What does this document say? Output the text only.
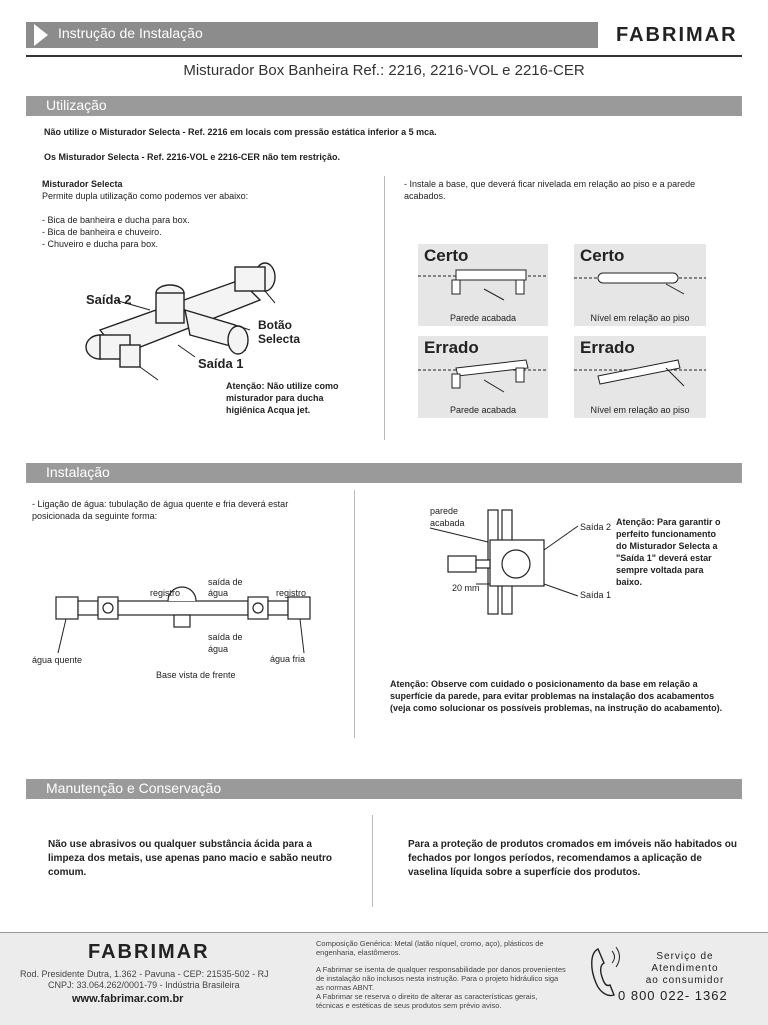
Instrução de Instalação	FABRIMAR
Misturador Box Banheira Ref.: 2216, 2216-VOL e 2216-CER
Utilização
Não utilize o Misturador Selecta - Ref. 2216 em locais com pressão estática inferior a 5 mca.
Os Misturador Selecta - Ref. 2216-VOL e 2216-CER não tem restrição.
Misturador Selecta
Permite dupla utilização como podemos ver abaixo:
- Bica de banheira e ducha para box.
- Bica de banheira e chuveiro.
- Chuveiro e ducha para box.
Saída 2
Saída 1
Botão
Selecta
Atenção: Não utilize como misturador para ducha higiênica Acqua jet.
- Instale a base, que deverá ficar nivelada em relação ao piso e a parede acabados.
Certo
Parede acabada
Certo
Nível em relação ao piso
Errado
Parede acabada
Errado
Nível em relação ao piso
Instalação
- Ligação de água: tubulação de água quente e fria deverá estar posicionada da seguinte forma:
registro	registro
saída de
água
saída de
água
água quente	água fria
Base vista de frente
parede
acabada	Saída 2
Saída 1
20 mm
Atenção: Para garantir o perfeito funcionamento do Misturador Selecta a "Saída 1" deverá estar sempre voltada para baixo.
Atenção: Observe com cuidado o posicionamento da base em relação a superfície da parede, para evitar problemas na instalação dos acabamentos (veja como solucionar os possíveis problemas, na instrução do acabamento).
Manutenção e Conservação
Não use abrasivos ou qualquer substância ácida para a limpeza dos metais, use apenas pano macio e sabão neutro comum.
Para a proteção de produtos cromados em imóveis não habitados ou fechados por longos períodos, recomendamos a aplicação de vaselina líquida sobre a superfície dos produtos.
FABRIMAR
Rod. Presidente Dutra, 1.362 - Pavuna - CEP: 21535-502 - RJ
CNPJ: 33.064.262/0001-79 - Indústria Brasileira
www.fabrimar.com.br
Composição Genérica: Metal (latão níquel, cromo, aço), plásticos de engenharia, elastômeros.
A Fabrimar se isenta de qualquer responsabilidade por danos provenientes de instalação não inclusos nesta instrução. Para o projeto hidráulico siga as normas ABNT.
A Fabrimar se reserva o direito de alterar as características gerais, técnicas e estéticas de seus produtos sem prévio aviso.
Serviço de
Atendimento
ao consumidor
0 800 022- 1362
